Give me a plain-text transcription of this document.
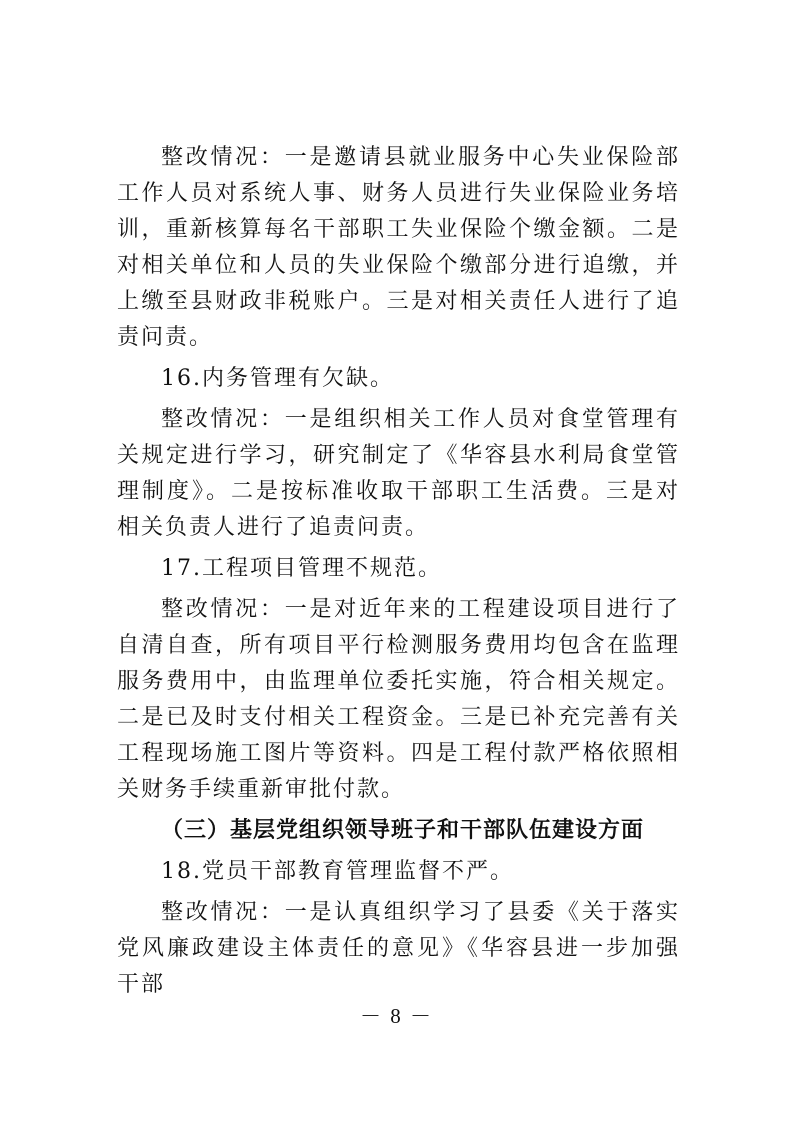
整改情况：一是邀请县就业服务中心失业保险部工作人员对系统人事、财务人员进行失业保险业务培训，重新核算每名干部职工失业保险个缴金额。二是对相关单位和人员的失业保险个缴部分进行追缴，并上缴至县财政非税账户。三是对相关责任人进行了追责问责。

16.内务管理有欠缺。

整改情况：一是组织相关工作人员对食堂管理有关规定进行学习，研究制定了《华容县水利局食堂管理制度》。二是按标准收取干部职工生活费。三是对相关负责人进行了追责问责。

17.工程项目管理不规范。

整改情况：一是对近年来的工程建设项目进行了自清自查，所有项目平行检测服务费用均包含在监理服务费用中，由监理单位委托实施，符合相关规定。二是已及时支付相关工程资金。三是已补充完善有关工程现场施工图片等资料。四是工程付款严格依照相关财务手续重新审批付款。

（三）基层党组织领导班子和干部队伍建设方面

18.党员干部教育管理监督不严。

整改情况：一是认真组织学习了县委《关于落实党风廉政建设主体责任的意见》《华容县进一步加强干部

－ 8 －
